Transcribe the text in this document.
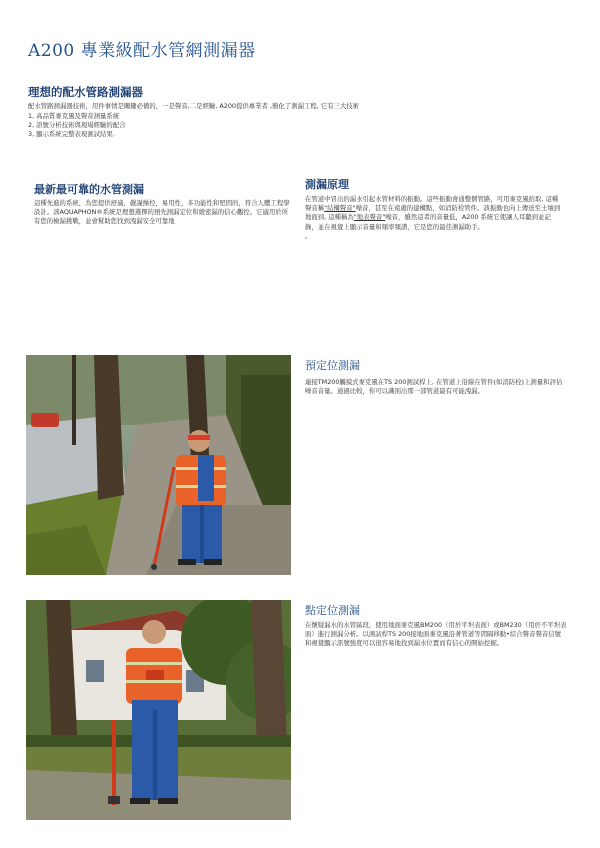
A200 專業級配水管網測漏器
理想的配水管路測漏器
配水管路測漏器技術，用件事情是關鍵必備的，一是聲音,二是經驗, A200提供專業者 ,簡化了測漏工程, 它有三大技術
1, 高品質麥克風及聲音測量系統
2, 訊號分析技術與現場經驗的配合
3, 顯示系統完整表現測試結果.
最新最可靠的水管測漏
這種先進的系統，為您提供舒適，嚴謹操控，易用性，多功能性和堅固的，符合人體工程學設計。該AQUAPHON®系統是理想選擇的預先測漏定位和緩密漏的信心觀控。它適用於所有您的檢漏挑戰，並會幫助您找到洩漏安全可靠地
測漏原理
在管道中冒出的漏水引起水管材料的振動。這些振動會通整個管路，可用麥克風拾取, 這種聲音稱"結構聲音"噪音，甚至在遠處的建構點，如消防栓管件。該振動也向上傳送至土壤到地面到, 這種稱為"地表聲音"噪音，雖然這者的音量低，A200 系統它使讓人耳聽到並記錄，並在視覺上顯示音量和頻率頻譜，它是您的最佳測漏助手。
。
預定位測漏
連接TM200觸摸式麥克風在TS 200測試桿上, 在管道上沿線在管件(如消防栓)上測量和評估噪音音量。通過比較，你可以識別出那一部管道最有可能洩漏。
點定位測漏
在懷疑漏水的水管區段，使用地面麥克風BM200（用於平坦表面）或BM230（用於不平坦表面）進行測漏分析。以測試桿TS 200接地面麥克風沿著管道等間隔移動•綜合聲音聲音信號和視覺顯示訊號強度可以很容易地找到漏水位置而有信心的開始挖掘。
